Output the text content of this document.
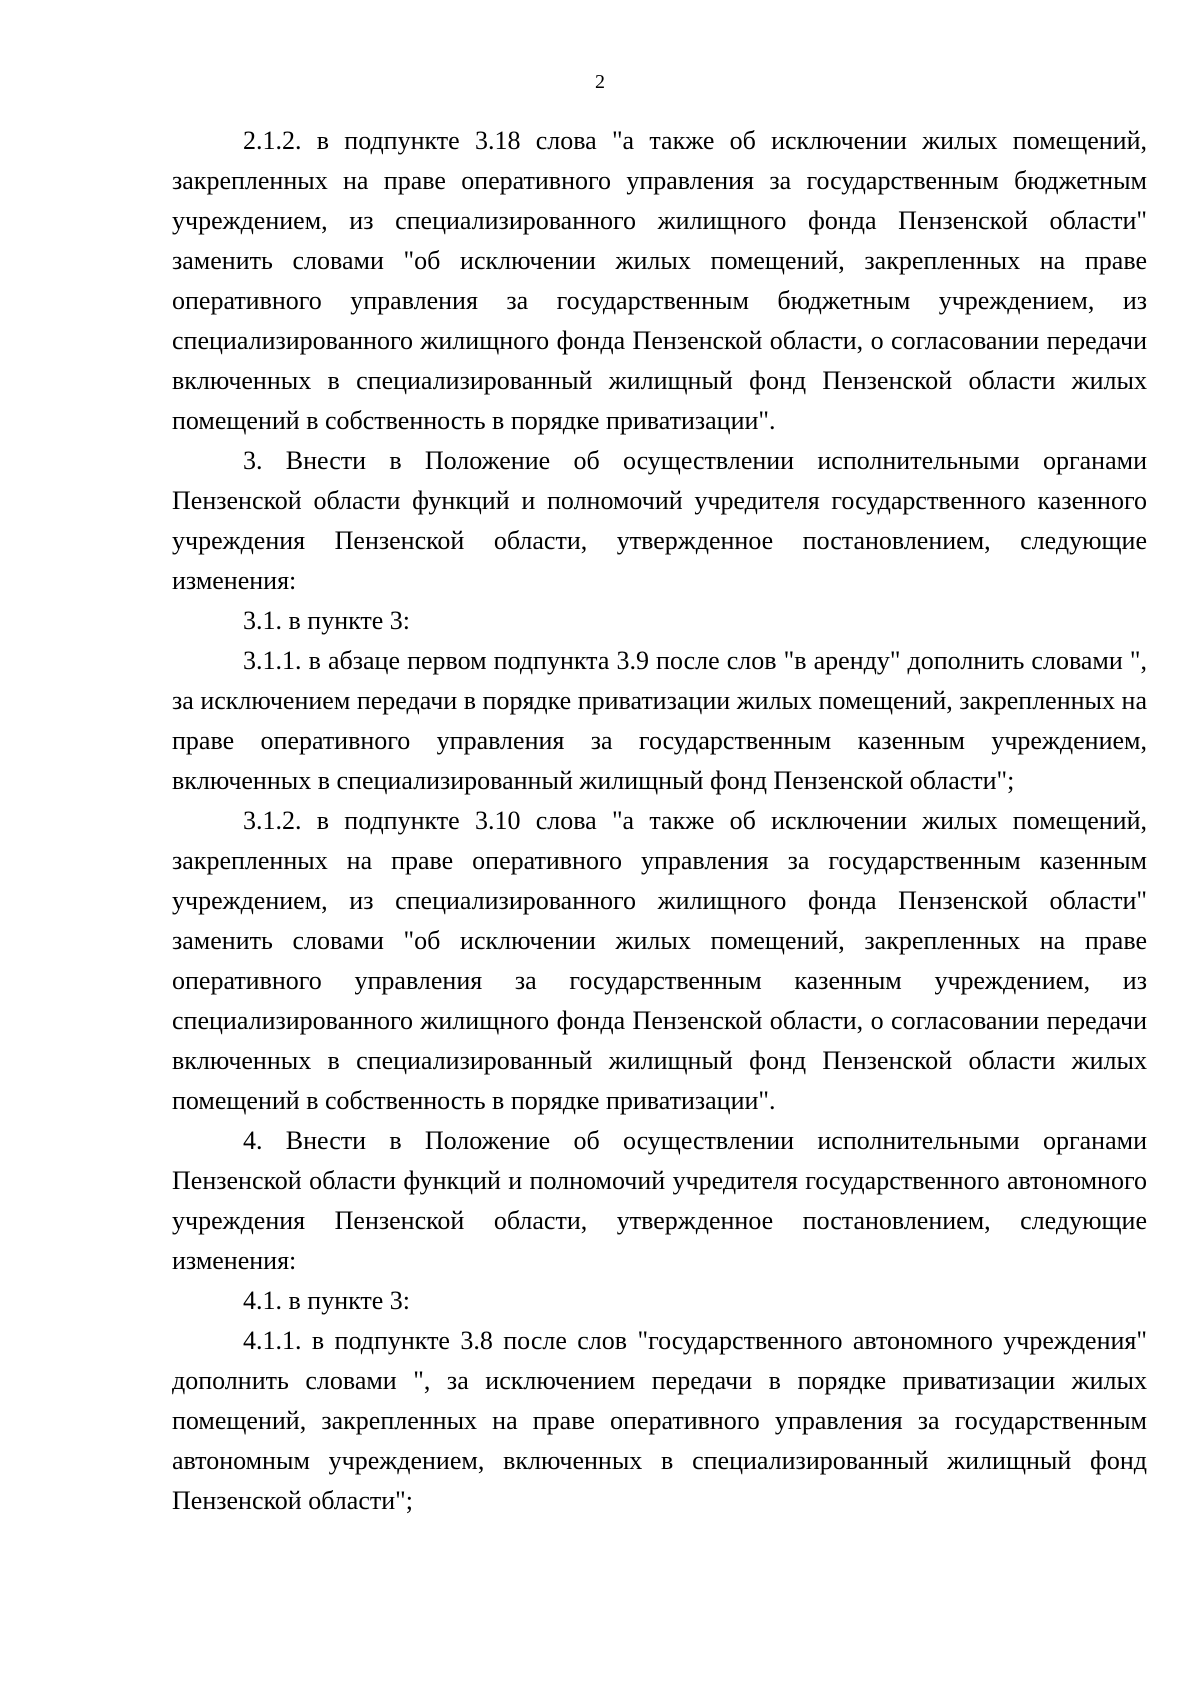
2

2.1.2. в подпункте 3.18 слова "а также об исключении жилых помещений, закрепленных на праве оперативного управления за государственным бюджетным учреждением, из специализированного жилищного фонда Пензенской области" заменить словами "об исключении жилых помещений, закрепленных на праве оперативного управления за государственным бюджетным учреждением, из специализированного жилищного фонда Пензенской области, о согласовании передачи включенных в специализированный жилищный фонд Пензенской области жилых помещений в собственность в порядке приватизации".

3. Внести в Положение об осуществлении исполнительными органами Пензенской области функций и полномочий учредителя государственного казенного учреждения Пензенской области, утвержденное постановлением, следующие изменения:

3.1. в пункте 3:

3.1.1. в абзаце первом подпункта 3.9 после слов "в аренду" дополнить словами ", за исключением передачи в порядке приватизации жилых помещений, закрепленных на праве оперативного управления за государственным казенным учреждением, включенных в специализированный жилищный фонд Пензенской области";

3.1.2. в подпункте 3.10 слова "а также об исключении жилых помещений, закрепленных на праве оперативного управления за государственным казенным учреждением, из специализированного жилищного фонда Пензенской области" заменить словами "об исключении жилых помещений, закрепленных на праве оперативного управления за государственным казенным учреждением, из специализированного жилищного фонда Пензенской области, о согласовании передачи включенных в специализированный жилищный фонд Пензенской области жилых помещений в собственность в порядке приватизации".

4. Внести в Положение об осуществлении исполнительными органами Пензенской области функций и полномочий учредителя государственного автономного учреждения Пензенской области, утвержденное постановлением, следующие изменения:

4.1. в пункте 3:

4.1.1. в подпункте 3.8 после слов "государственного автономного учреждения" дополнить словами ", за исключением передачи в порядке приватизации жилых помещений, закрепленных на праве оперативного управления за государственным автономным учреждением, включенных в специализированный жилищный фонд Пензенской области";
